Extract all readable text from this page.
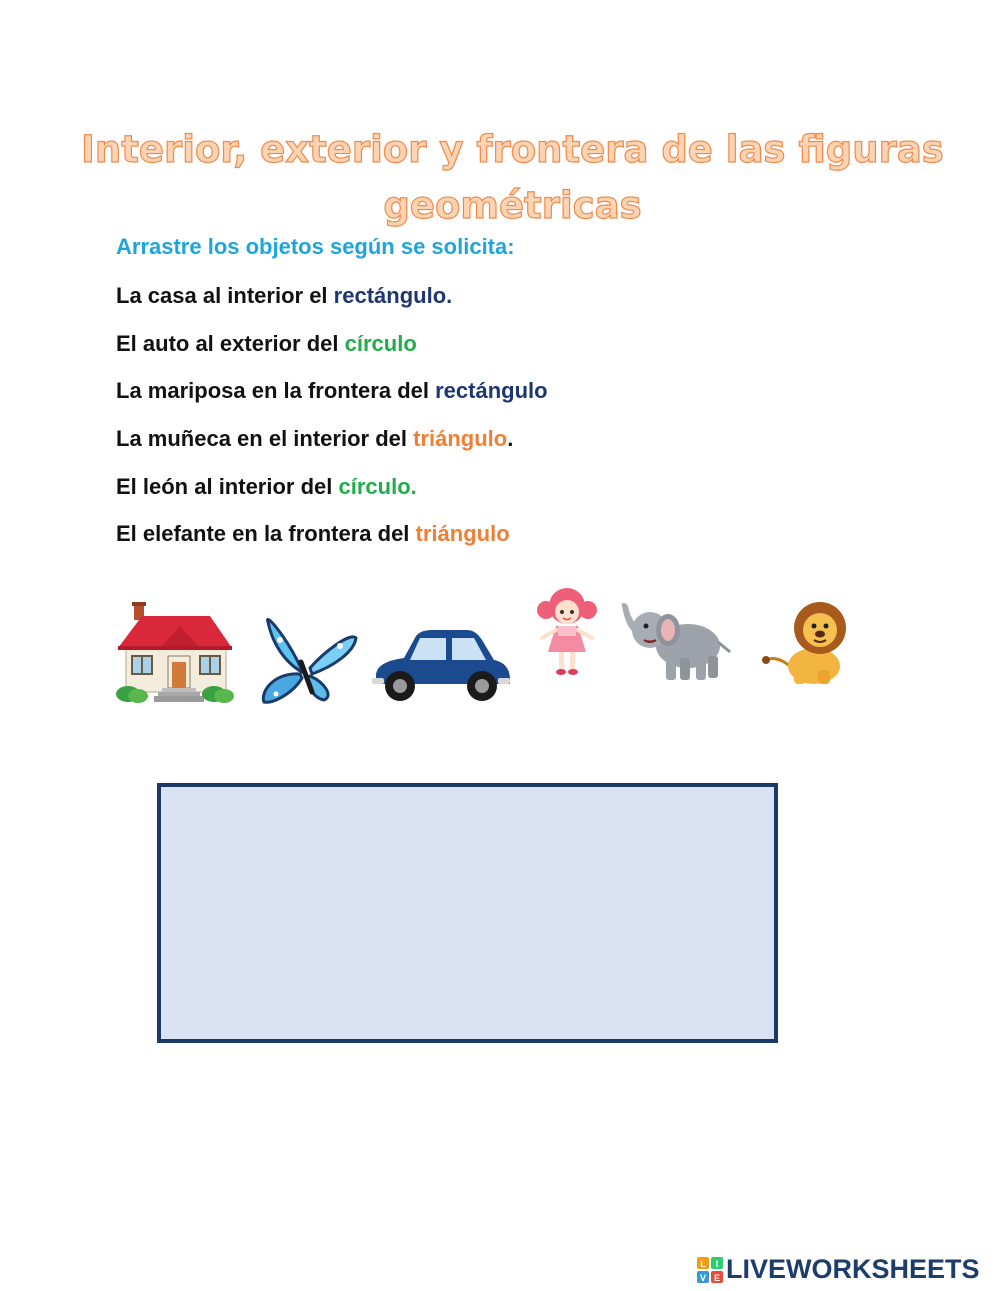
Interior, exterior y frontera de las figuras
geométricas

Arrastre los objetos según se solicita:

La casa al interior el rectángulo.

El auto al exterior del círculo

La mariposa en la frontera del rectángulo

La muñeca en el interior del triángulo.

El león al interior del círculo.

El elefante en la frontera del triángulo

L I
V E LIVEWORKSHEETS
